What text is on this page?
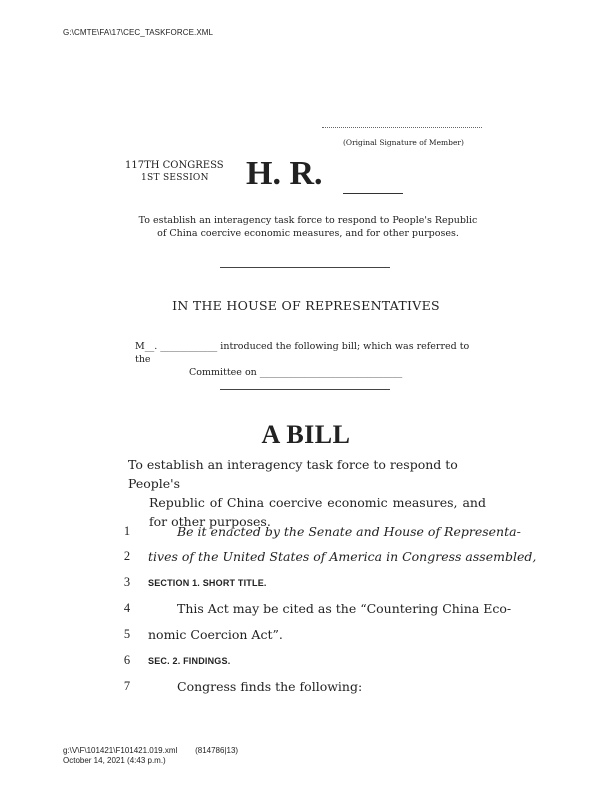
G:\CMTE\FA\17\CEC_TASKFORCE.XML
(Original Signature of Member)
117TH CONGRESS
1ST SESSION H. R.
To establish an interagency task force to respond to People's Republic of China coercive economic measures, and for other purposes.
IN THE HOUSE OF REPRESENTATIVES
M__. ____________ introduced the following bill; which was referred to the
Committee on ______________________________
A BILL
To establish an interagency task force to respond to People's
Republic of China coercive economic measures, and for other purposes.
1	Be it enacted by the Senate and House of Representa-
2	tives of the United States of America in Congress assembled,
3	SECTION 1. SHORT TITLE.
4	This Act may be cited as the “Countering China Eco-
5	nomic Coercion Act”.
6	SEC. 2. FINDINGS.
7	Congress finds the following:
g:\V\F\101421\F101421.019.xml        (814786|13)
October 14, 2021 (4:43 p.m.)
